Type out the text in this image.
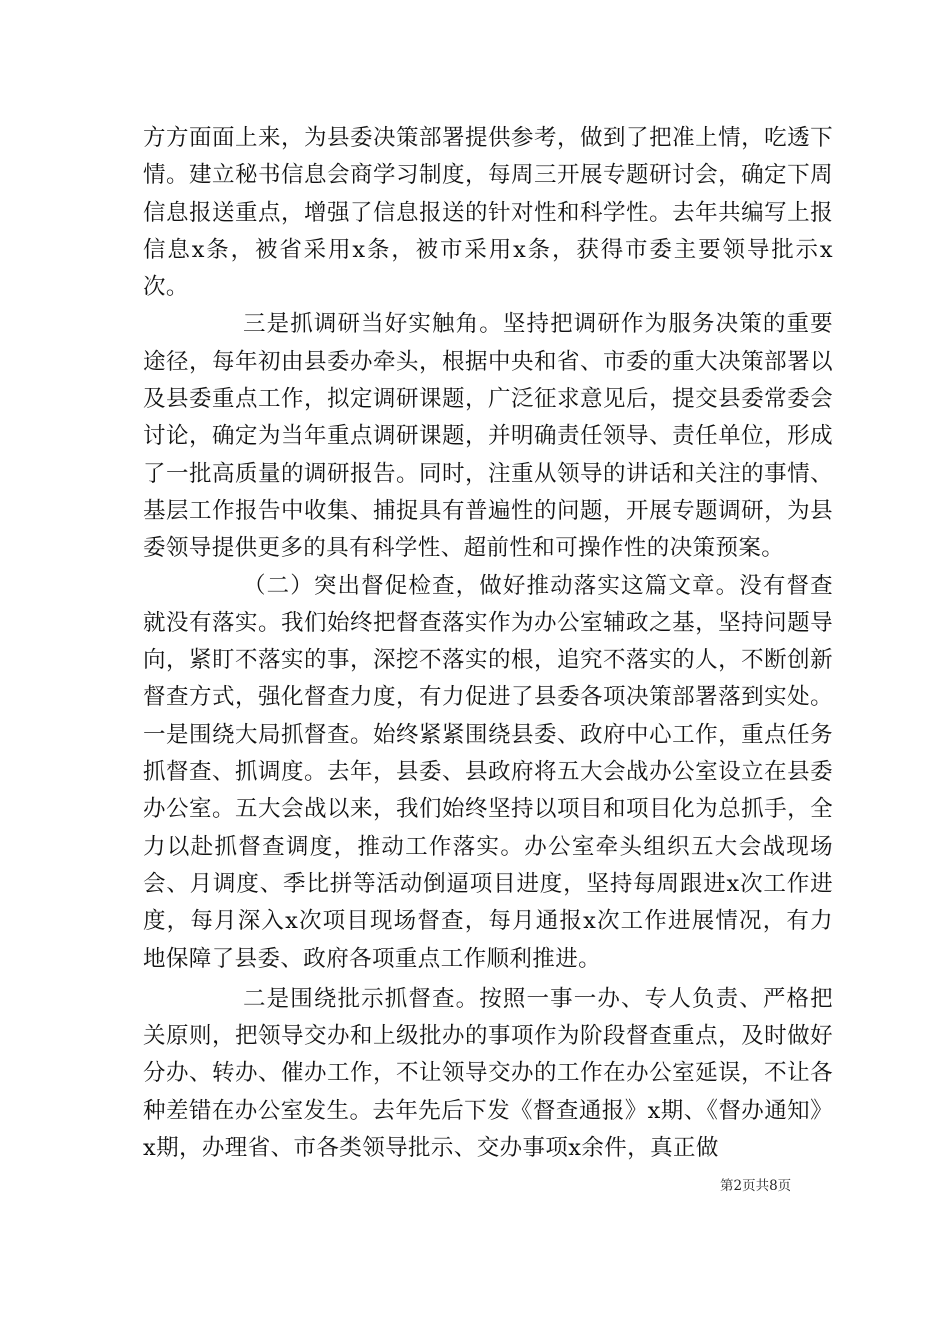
方方面面上来，为县委决策部署提供参考，做到了把准上情，吃透下情。建立秘书信息会商学习制度，每周三开展专题研讨会，确定下周信息报送重点，增强了信息报送的针对性和科学性。去年共编写上报信息x条，被省采用x条，被市采用x条，获得市委主要领导批示x次。

三是抓调研当好实触角。坚持把调研作为服务决策的重要途径，每年初由县委办牵头，根据中央和省、市委的重大决策部署以及县委重点工作，拟定调研课题，广泛征求意见后，提交县委常委会讨论，确定为当年重点调研课题，并明确责任领导、责任单位，形成了一批高质量的调研报告。同时，注重从领导的讲话和关注的事情、基层工作报告中收集、捕捉具有普遍性的问题，开展专题调研，为县委领导提供更多的具有科学性、超前性和可操作性的决策预案。

（二）突出督促检查，做好推动落实这篇文章。没有督查就没有落实。我们始终把督查落实作为办公室辅政之基，坚持问题导向，紧盯不落实的事，深挖不落实的根，追究不落实的人，不断创新督查方式，强化督查力度，有力促进了县委各项决策部署落到实处。一是围绕大局抓督查。始终紧紧围绕县委、政府中心工作，重点任务抓督查、抓调度。去年，县委、县政府将五大会战办公室设立在县委办公室。五大会战以来，我们始终坚持以项目和项目化为总抓手，全力以赴抓督查调度，推动工作落实。办公室牵头组织五大会战现场会、月调度、季比拼等活动倒逼项目进度，坚持每周跟进x次工作进度，每月深入x次项目现场督查，每月通报x次工作进展情况，有力地保障了县委、政府各项重点工作顺利推进。

二是围绕批示抓督查。按照一事一办、专人负责、严格把关原则，把领导交办和上级批办的事项作为阶段督查重点，及时做好分办、转办、催办工作，不让领导交办的工作在办公室延误，不让各种差错在办公室发生。去年先后下发《督查通报》x期、《督办通知》x期，办理省、市各类领导批示、交办事项x余件，真正做

第2页共8页
